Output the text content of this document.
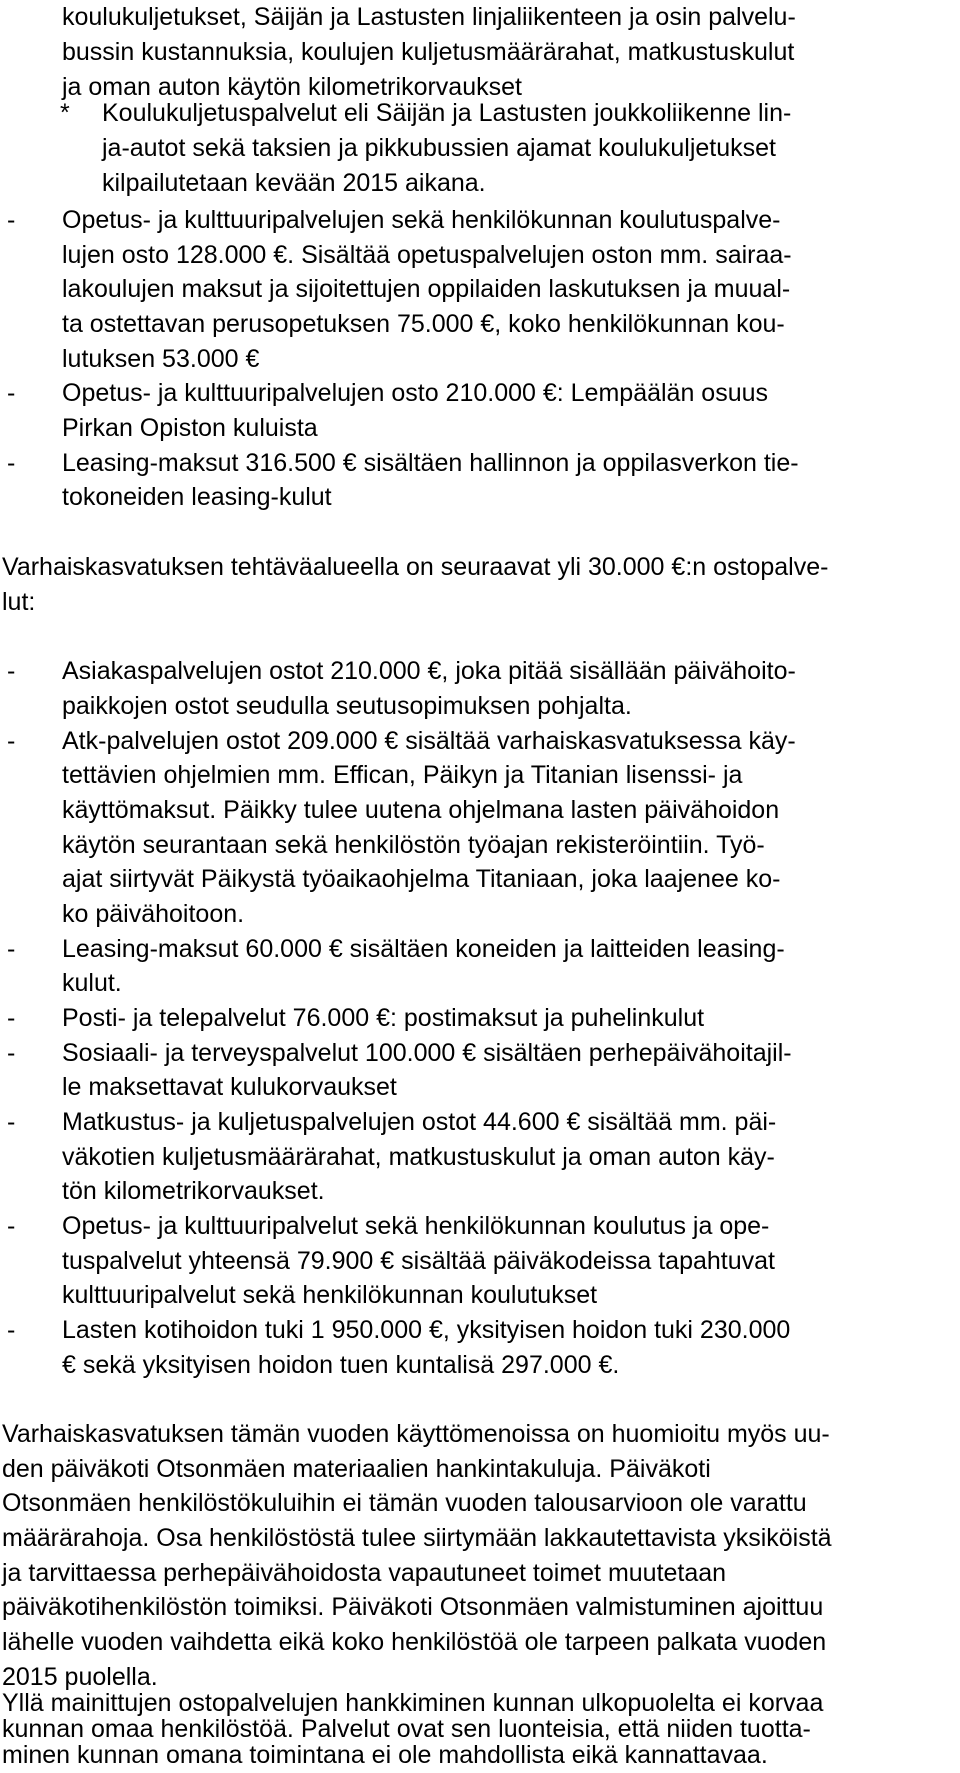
koulukuljetukset, Säijän ja Lastusten linjaliikenteen ja osin palvelu-
bussin kustannuksia, koulujen kuljetusmäärärahat, matkustuskulut
ja oman auton käytön kilometrikorvaukset
* Koulukuljetuspalvelut eli Säijän ja Lastusten joukkoliikenne lin-
ja-autot sekä taksien ja pikkubussien ajamat koulukuljetukset
kilpailutetaan kevään 2015 aikana.
- Opetus- ja kulttuuripalvelujen sekä henkilökunnan koulutuspalve-
lujen osto 128.000 €. Sisältää opetuspalvelujen oston mm. sairaa-
lakoulujen maksut ja sijoitettujen oppilaiden laskutuksen ja muual-
ta ostettavan perusopetuksen 75.000 €, koko henkilökunnan kou-
lutuksen 53.000 €
- Opetus- ja kulttuuripalvelujen osto 210.000 €: Lempäälän osuus
Pirkan Opiston kuluista
- Leasing-maksut 316.500 € sisältäen hallinnon ja oppilasverkon tie-
tokoneiden leasing-kulut
Varhaiskasvatuksen tehtäväalueella on seuraavat yli 30.000 €:n ostopalve-
lut:
- Asiakaspalvelujen ostot 210.000 €, joka pitää sisällään päivähoito-
paikkojen ostot seudulla seutusopimuksen pohjalta.
- Atk-palvelujen ostot 209.000 € sisältää varhaiskasvatuksessa käy-
tettävien ohjelmien mm. Effican, Päikyn ja Titanian lisenssi- ja
käyttömaksut. Päikky tulee uutena ohjelmana lasten päivähoidon
käytön seurantaan sekä henkilöstön työajan rekisteröintiin. Työ-
ajat siirtyvät Päikystä työaikaohjelma Titaniaan, joka laajenee ko-
ko päivähoitoon.
- Leasing-maksut 60.000 € sisältäen koneiden ja laitteiden leasing-
kulut.
- Posti- ja telepalvelut 76.000 €: postimaksut ja puhelinkulut
- Sosiaali- ja terveyspalvelut 100.000 € sisältäen perhepäivähoitajil-
le maksettavat kulukorvaukset
- Matkustus- ja kuljetuspalvelujen ostot 44.600 € sisältää mm. päi-
väkotien kuljetusmäärärahat, matkustuskulut ja oman auton käy-
tön kilometrikorvaukset.
- Opetus- ja kulttuuripalvelut sekä henkilökunnan koulutus ja ope-
tuspalvelut yhteensä 79.900 € sisältää päiväkodeissa tapahtuvat
kulttuuripalvelut sekä henkilökunnan koulutukset
- Lasten kotihoidon tuki 1 950.000 €, yksityisen hoidon tuki 230.000
€ sekä yksityisen hoidon tuen kuntalisä 297.000 €.
Varhaiskasvatuksen tämän vuoden käyttömenoissa on huomioitu myös uu-
den päiväkoti Otsonmäen materiaalien hankintakuluja. Päiväkoti
Otsonmäen henkilöstökuluihin ei tämän vuoden talousarvioon ole varattu
määrärahoja. Osa henkilöstöstä tulee siirtymään lakkautettavista yksiköistä
ja tarvittaessa perhepäivähoidosta vapautuneet toimet muutetaan
päiväkotihenkilöstön toimiksi. Päiväkoti Otsonmäen valmistuminen ajoittuu
lähelle vuoden vaihdetta eikä koko henkilöstöä ole tarpeen palkata vuoden
2015 puolella.
Yllä mainittujen ostopalvelujen hankkiminen kunnan ulkopuolelta ei korvaa
kunnan omaa henkilöstöä. Palvelut ovat sen luonteisia, että niiden tuotta-
minen kunnan omana toimintana ei ole mahdollista eikä kannattavaa.
